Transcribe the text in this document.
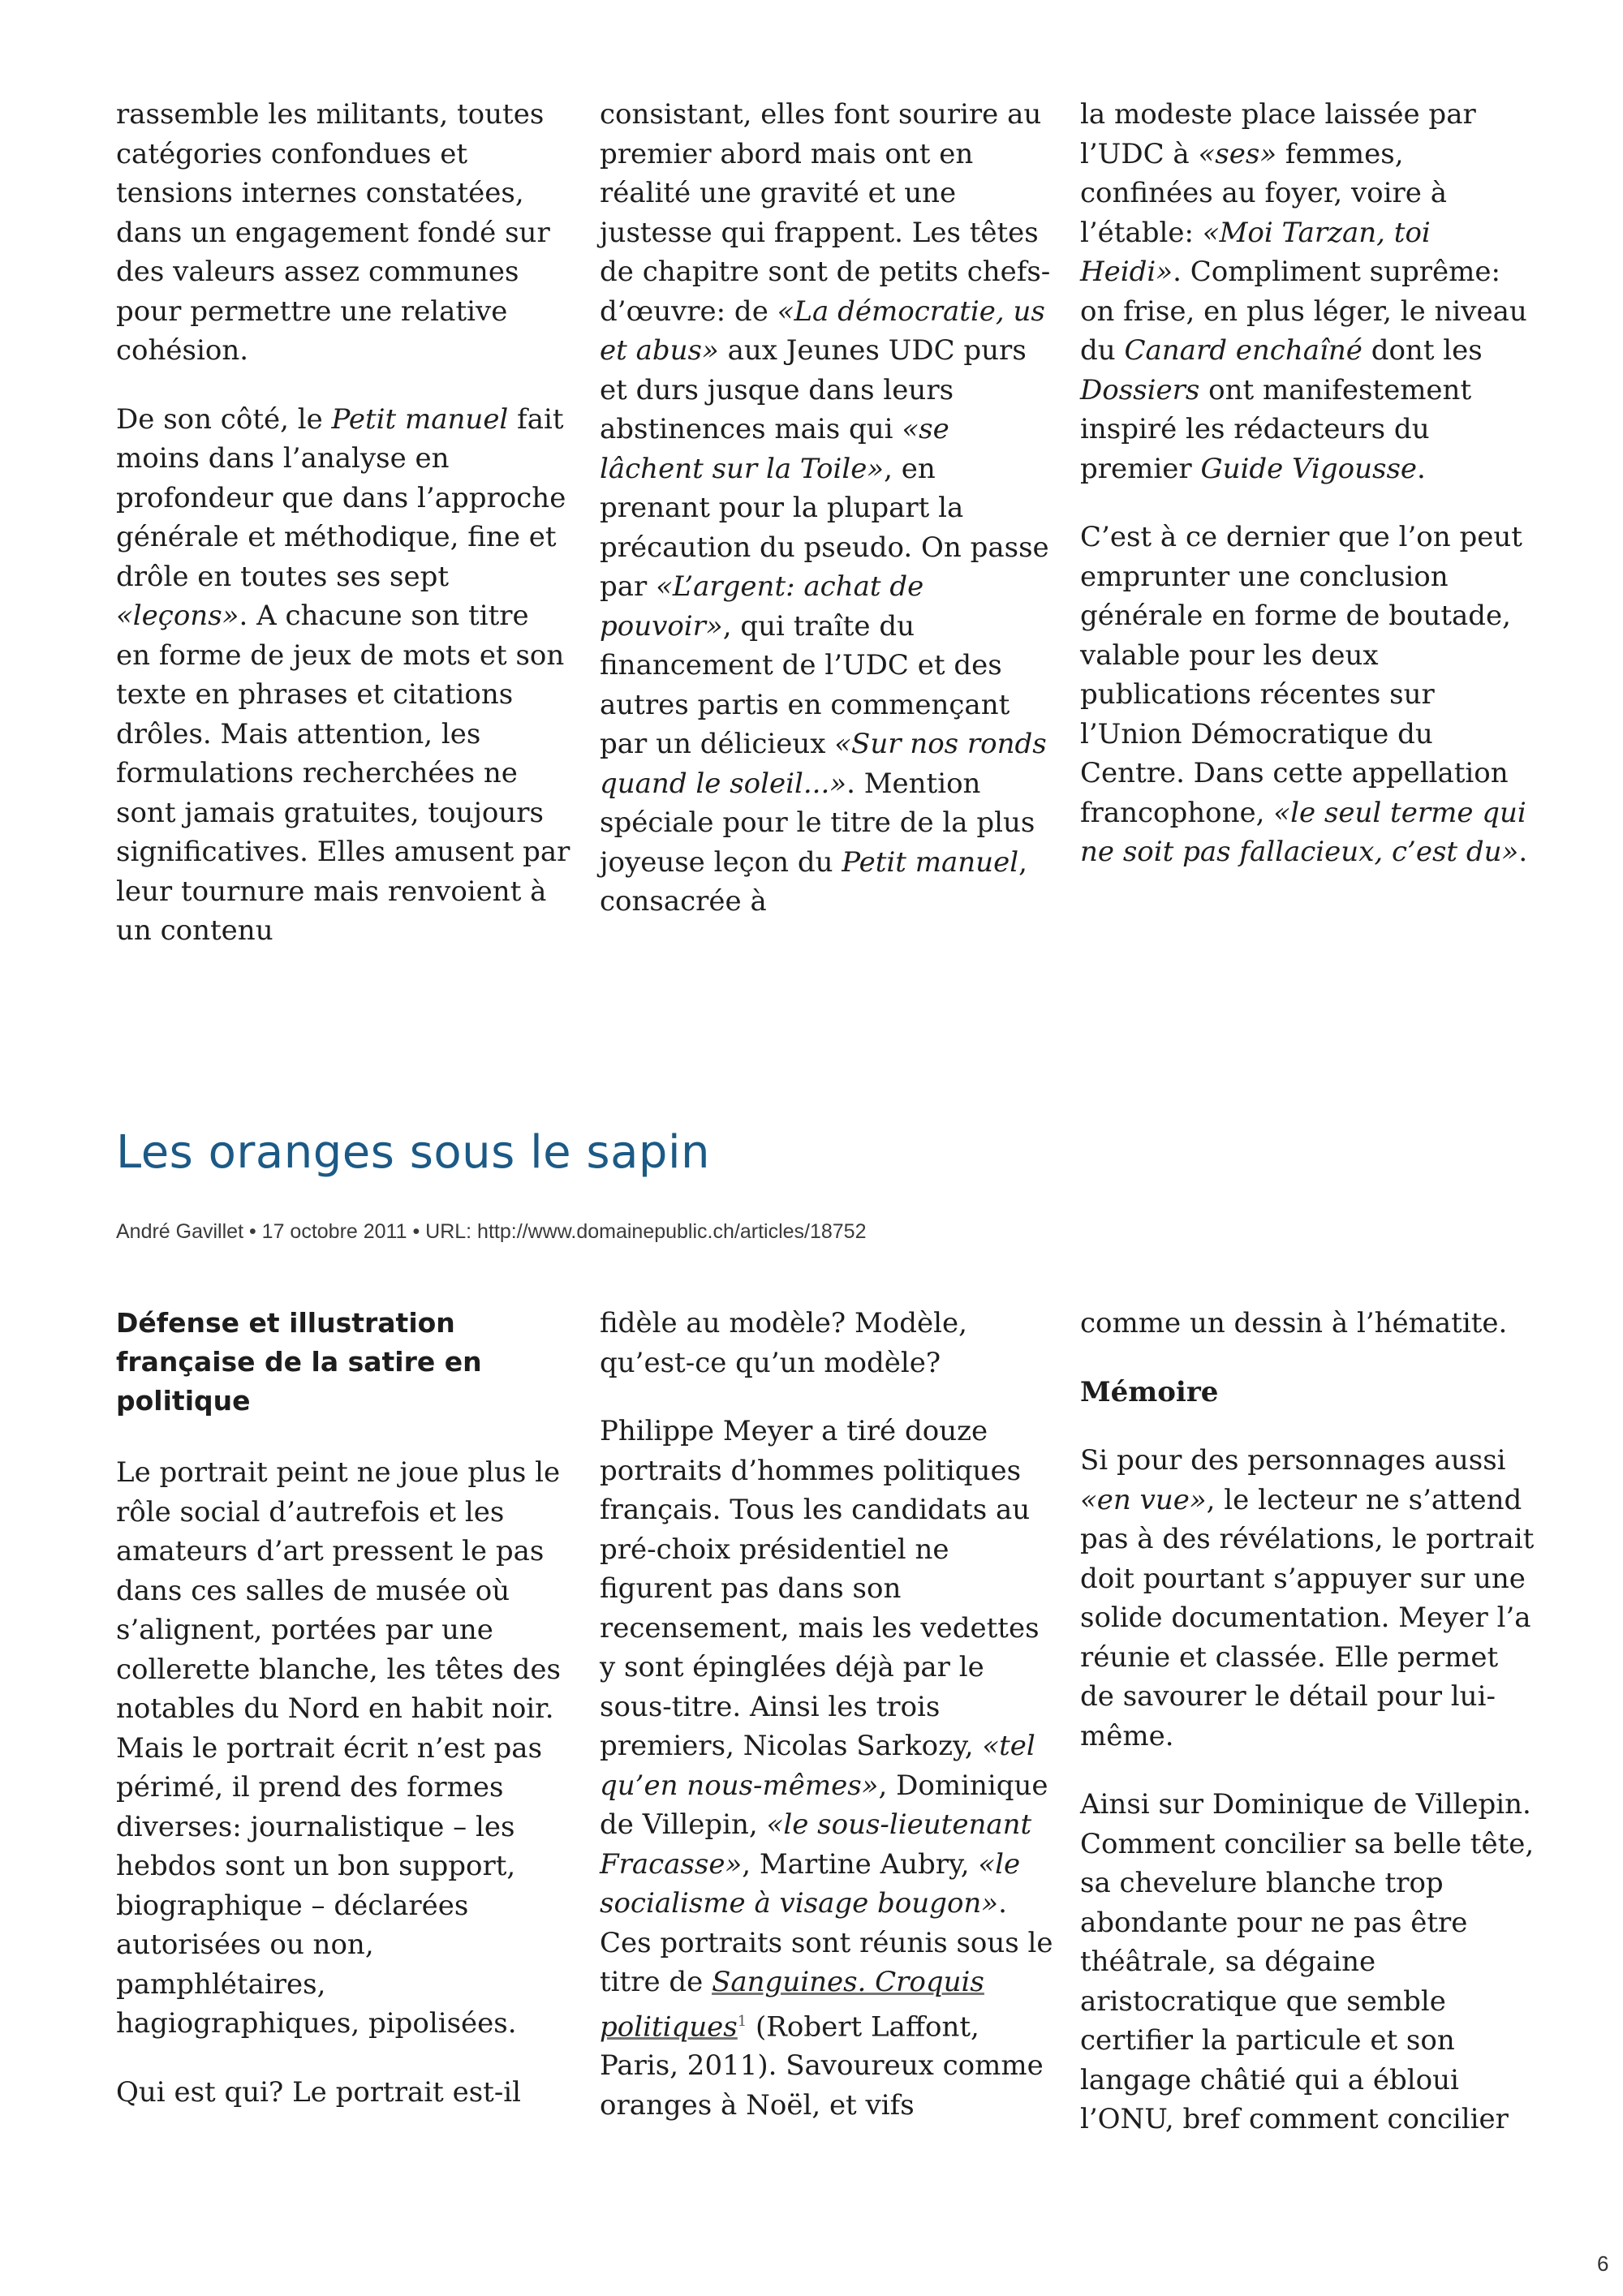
rassemble les militants, toutes catégories confondues et tensions internes constatées, dans un engagement fondé sur des valeurs assez communes pour permettre une relative cohésion.

De son côté, le Petit manuel fait moins dans l’analyse en profondeur que dans l’approche générale et méthodique, fine et drôle en toutes ses sept «leçons». A chacune son titre en forme de jeux de mots et son texte en phrases et citations drôles. Mais attention, les formulations recherchées ne sont jamais gratuites, toujours significatives. Elles amusent par leur tournure mais renvoient à un contenu

consistant, elles font sourire au premier abord mais ont en réalité une gravité et une justesse qui frappent. Les têtes de chapitre sont de petits chefs-d’œuvre: de «La démocratie, us et abus» aux Jeunes UDC purs et durs jusque dans leurs abstinences mais qui «se lâchent sur la Toile», en prenant pour la plupart la précaution du pseudo. On passe par «L’argent: achat de pouvoir», qui traîte du financement de l’UDC et des autres partis en commençant par un délicieux «Sur nos ronds quand le soleil...». Mention spéciale pour le titre de la plus joyeuse leçon du Petit manuel, consacrée à

la modeste place laissée par l’UDC à «ses» femmes, confinées au foyer, voire à l’étable: «Moi Tarzan, toi Heidi». Compliment suprême: on frise, en plus léger, le niveau du Canard enchaîné dont les Dossiers ont manifestement inspiré les rédacteurs du premier Guide Vigousse.

C’est à ce dernier que l’on peut emprunter une conclusion générale en forme de boutade, valable pour les deux publications récentes sur l’Union Démocratique du Centre. Dans cette appellation francophone, «le seul terme qui ne soit pas fallacieux, c’est du».

Les oranges sous le sapin
André Gavillet • 17 octobre 2011 • URL: http://www.domainepublic.ch/articles/18752
Défense et illustration française de la satire en politique

Le portrait peint ne joue plus le rôle social d’autrefois et les amateurs d’art pressent le pas dans ces salles de musée où s’alignent, portées par une collerette blanche, les têtes des notables du Nord en habit noir. Mais le portrait écrit n’est pas périmé, il prend des formes diverses: journalistique – les hebdos sont un bon support, biographique – déclarées autorisées ou non, pamphlétaires, hagiographiques, pipolisées.

Qui est qui? Le portrait est-il

fidèle au modèle? Modèle, qu’est-ce qu’un modèle?

Philippe Meyer a tiré douze portraits d’hommes politiques français. Tous les candidats au pré-choix présidentiel ne figurent pas dans son recensement, mais les vedettes y sont épinglées déjà par le sous-titre. Ainsi les trois premiers, Nicolas Sarkozy, «tel qu’en nous-mêmes», Dominique de Villepin, «le sous-lieutenant Fracasse», Martine Aubry, «le socialisme à visage bougon». Ces portraits sont réunis sous le titre de Sanguines. Croquis politiques$^1$ (Robert Laffont, Paris, 2011). Savoureux comme oranges à Noël, et vifs

comme un dessin à l’hématite.

Mémoire

Si pour des personnages aussi «en vue», le lecteur ne s’attend pas à des révélations, le portrait doit pourtant s’appuyer sur une solide documentation. Meyer l’a réunie et classée. Elle permet de savourer le détail pour lui-même.

Ainsi sur Dominique de Villepin. Comment concilier sa belle tête, sa chevelure blanche trop abondante pour ne pas être théâtrale, sa dégaine aristocratique que semble certifier la particule et son langage châtié qui a ébloui l’ONU, bref comment concilier

6
